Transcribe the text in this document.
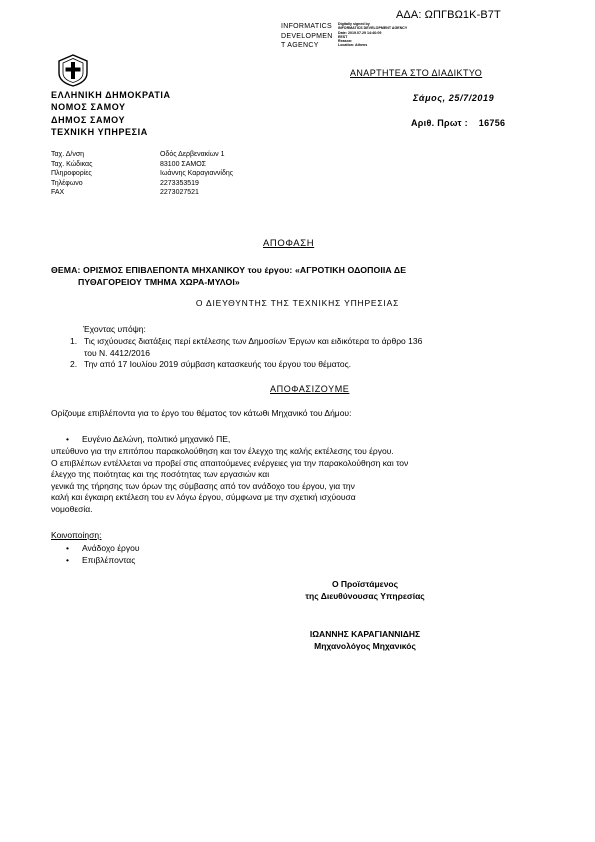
ΑΔΑ: ΩΠΓΒΩ1Κ-Β7Τ
INFORMATICS
DEVELOPMEN
T AGENCY
Digitally signed by
INFORMATICS DEVELOPMENT AGENCY
Date: 2019.07.29 14:46:09
EEST
Reason:
Location: Athens
ΑΝΑΡΤΗΤΕΑ ΣΤΟ ΔΙΑΔΙΚΤΥΟ
ΕΛΛΗΝΙΚΗ ΔΗΜΟΚΡΑΤΙΑ
ΝΟΜΟΣ ΣΑΜΟΥ
ΔΗΜΟΣ ΣΑΜΟΥ
ΤΕΧΝΙΚΗ ΥΠΗΡΕΣΙΑ
Σάμος, 25/7/2019
Αριθ. Πρωτ : 16756
Ταχ. Δ/νση
Ταχ. Κώδικας
Πληροφορίες
Τηλέφωνο
FAX
Οδός Δερβενακίων 1
83100 ΣΑΜΟΣ
Ιωάννης Καραγιαννίδης
2273353519
2273027521
ΑΠΟΦΑΣΗ
ΘΕΜΑ: ΟΡΙΣΜΟΣ ΕΠΙΒΛΕΠΟΝΤΑ ΜΗΧΑΝΙΚΟΥ του έργου: «ΑΓΡΟΤΙΚΗ ΟΔΟΠΟΙΙΑ ΔΕ
ΠΥΘΑΓΟΡΕΙΟΥ ΤΜΗΜΑ ΧΩΡΑ-ΜΥΛΟΙ»
Ο ΔΙΕΥΘΥΝΤΗΣ ΤΗΣ ΤΕΧΝΙΚΗΣ ΥΠΗΡΕΣΙΑΣ
Έχοντας υπόψη:
1. Τις ισχύουσες διατάξεις περί εκτέλεσης των Δημοσίων Έργων και ειδικότερα το άρθρο 136
του Ν. 4412/2016
2. Την από 17 Ιουλίου 2019 σύμβαση κατασκευής του έργου του θέματος.
ΑΠΟΦΑΣΙΖΟΥΜΕ
Ορίζουμε επιβλέποντα για το έργο του θέματος τον κάτωθι Μηχανικό του Δήμου:
• Ευγένιο Δελώνη, πολιτικό μηχανικό ΠΕ,
υπεύθυνο για την επιτόπου παρακολούθηση και τον έλεγχο της καλής εκτέλεσης του έργου.
Ο επιβλέπων εντέλλεται να προβεί στις απαιτούμενες ενέργειες για την παρακολούθηση και τον
έλεγχο της ποιότητας και της ποσότητας των εργασιών και
γενικά της τήρησης των όρων της σύμβασης από τον ανάδοχο του έργου, για την
καλή και έγκαιρη εκτέλεση του εν λόγω έργου, σύμφωνα με την σχετική ισχύουσα
νομοθεσία.
Κοινοποίηση:
• Ανάδοχο έργου
• Επιβλέποντας
Ο Προϊστάμενος
της Διευθύνουσας Υπηρεσίας
ΙΩΑΝΝΗΣ ΚΑΡΑΓΙΑΝΝΙΔΗΣ
Μηχανολόγος Μηχανικός
